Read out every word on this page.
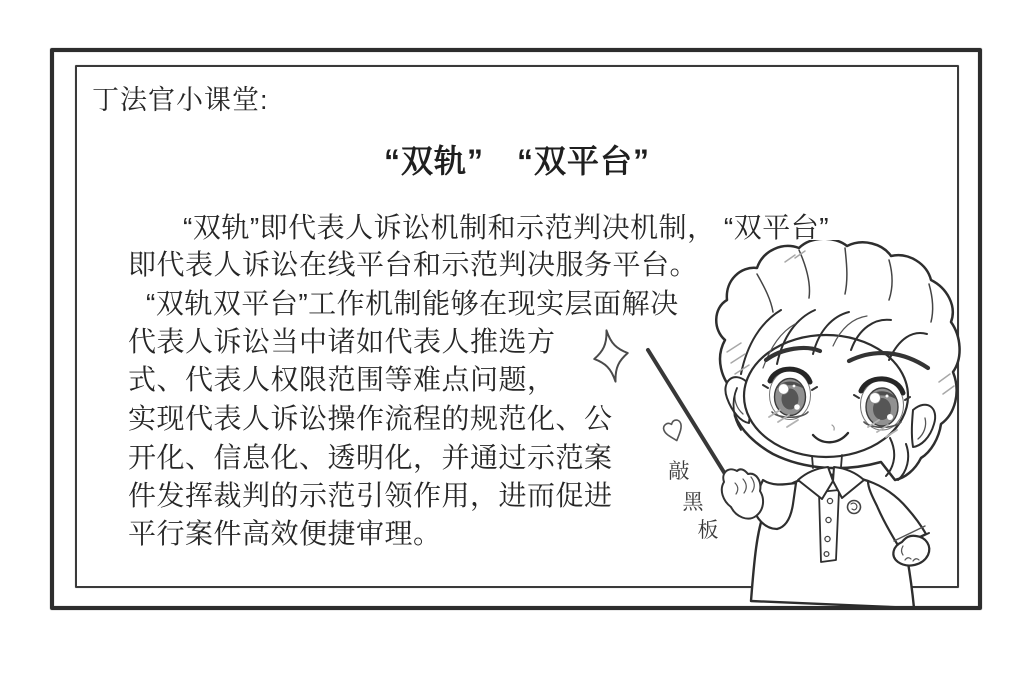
丁法官小课堂:
“双轨”　“双平台”
“双轨”即代表人诉讼机制和示范判决机制， “双平台”
即代表人诉讼在线平台和示范判决服务平台。
“双轨双平台”工作机制能够在现实层面解决
代表人诉讼当中诸如代表人推选方
式、代表人权限范围等难点问题，
实现代表人诉讼操作流程的规范化、公
开化、信息化、透明化，并通过示范案
件发挥裁判的示范引领作用，进而促进
平行案件高效便捷审理。
敲
黑
板
